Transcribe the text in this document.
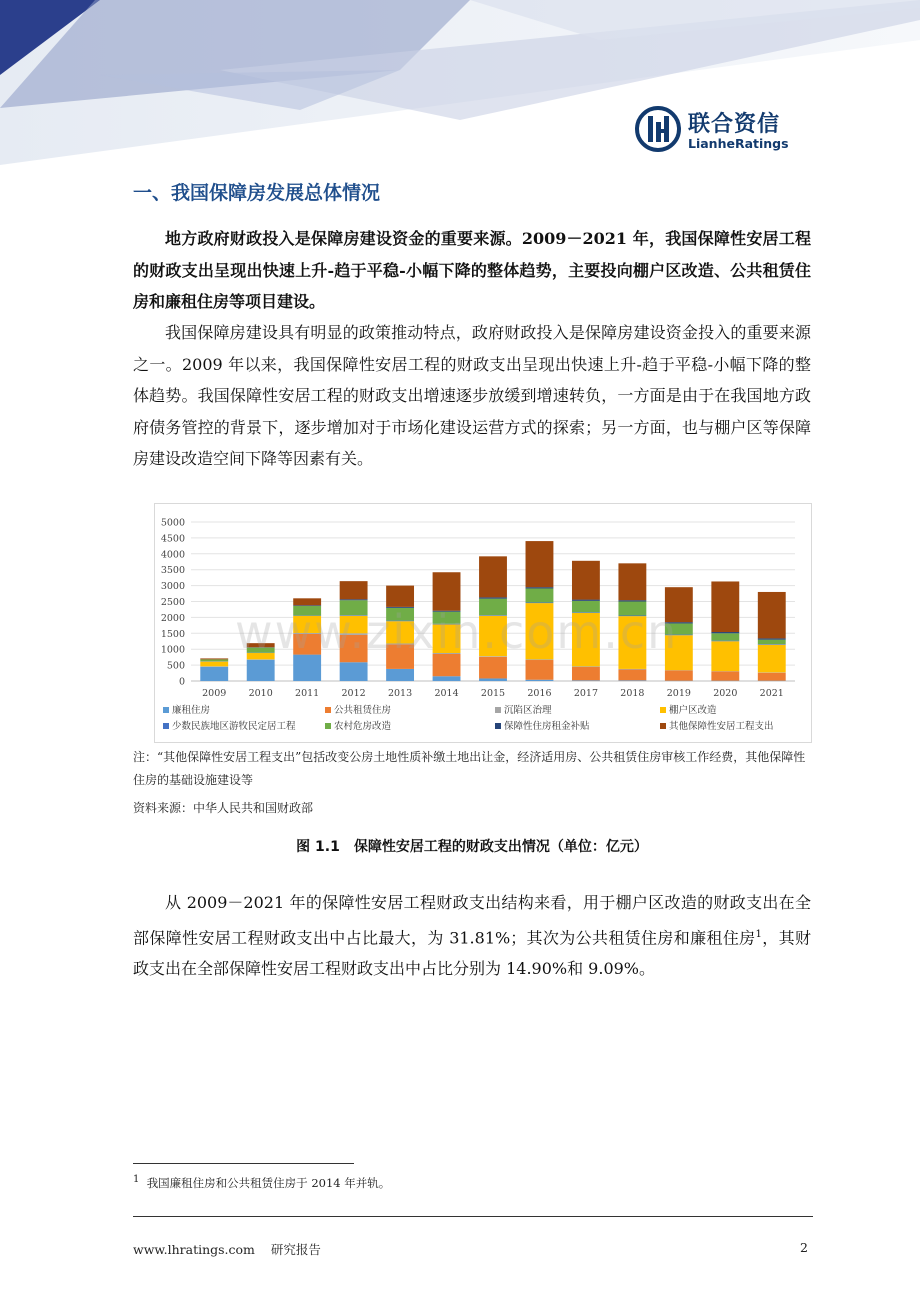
联合资信
LianheRatings
一、我国保障房发展总体情况
地方政府财政投入是保障房建设资金的重要来源。2009－2021 年，我国保障性安居工程的财政支出呈现出快速上升-趋于平稳-小幅下降的整体趋势，主要投向棚户区改造、公共租赁住房和廉租住房等项目建设。
我国保障房建设具有明显的政策推动特点，政府财政投入是保障房建设资金投入的重要来源之一。2009 年以来，我国保障性安居工程的财政支出呈现出快速上升-趋于平稳-小幅下降的整体趋势。我国保障性安居工程的财政支出增速逐步放缓到增速转负，一方面是由于在我国地方政府债务管控的背景下，逐步增加对于市场化建设运营方式的探索；另一方面，也与棚户区等保障房建设改造空间下降等因素有关。
0
500
1000
1500
2000
2500
3000
3500
4000
4500
5000
2009 2010 2011 2012 2013 2014 2015 2016 2017 2018 2019 2020 2021
廉租住房	公共租赁住房	沉陷区治理	棚户区改造
少数民族地区游牧民定居工程	农村危房改造	保障性住房租金补贴	其他保障性安居工程支出
www.zixin.com.cn
注：“其他保障性安居工程支出”包括改变公房土地性质补缴土地出让金，经济适用房、公共租赁住房审核工作经费，其他保障性住房的基础设施建设等
资料来源：中华人民共和国财政部
图 1.1　保障性安居工程的财政支出情况（单位：亿元）
从 2009－2021 年的保障性安居工程财政支出结构来看，用于棚户区改造的财政支出在全部保障性安居工程财政支出中占比最大，为 31.81%；其次为公共租赁住房和廉租住房$^1$，其财政支出在全部保障性安居工程财政支出中占比分别为 14.90%和 9.09%。
$^1$ 我国廉租住房和公共租赁住房于 2014 年并轨。
www.lhratings.com 研究报告	2
